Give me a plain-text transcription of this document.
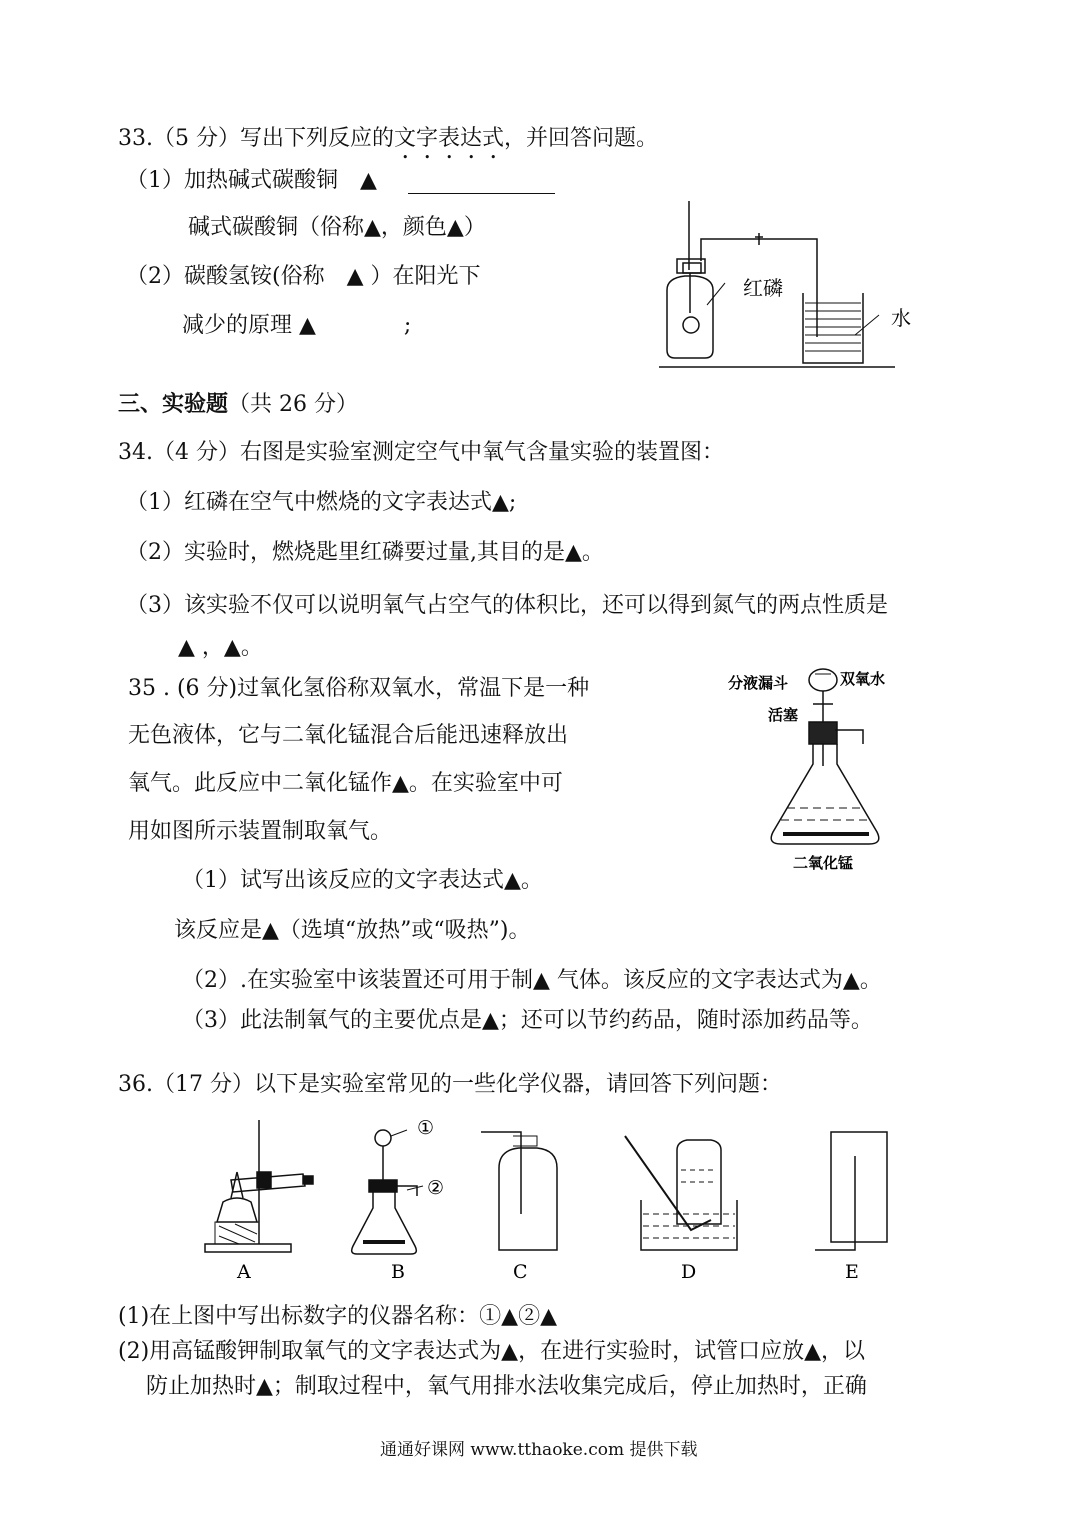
33.（5 分）写出下列反应的文字表达式，并回答问题。
（1）加热碱式碳酸铜　▲
碱式碳酸铜（俗称▲，颜色▲）
（2）碳酸氢铵(俗称　▲ ）在阳光下
减少的原理 ▲　　　　;
红磷
水
三、实验题（共 26 分）
34.（4 分）右图是实验室测定空气中氧气含量实验的装置图：
（1）红磷在空气中燃烧的文字表达式▲;
（2）实验时，燃烧匙里红磷要过量,其目的是▲。
（3）该实验不仅可以说明氧气占空气的体积比，还可以得到氮气的两点性质是
▲ ，▲。
35 . (6 分)过氧化氢俗称双氧水，常温下是一种
无色液体，它与二氧化锰混合后能迅速释放出
氧气。此反应中二氧化锰作▲。在实验室中可
用如图所示装置制取氧气。
（1）试写出该反应的文字表达式▲。
该反应是▲（选填“放热”或“吸热”)。
（2）.在实验室中该装置还可用于制▲ 气体。该反应的文字表达式为▲。
（3）此法制氧气的主要优点是▲；还可以节约药品，随时添加药品等。
分液漏斗	双氧水
活塞
二氧化锰
36.（17 分）以下是实验室常见的一些化学仪器，请回答下列问题：
①
②
A	B	C	D	E
(1)在上图中写出标数字的仪器名称：①▲②▲
(2)用高锰酸钾制取氧气的文字表达式为▲，在进行实验时，试管口应放▲，以
防止加热时▲；制取过程中，氧气用排水法收集完成后，停止加热时，正确
通通好课网 www.tthaoke.com 提供下载
